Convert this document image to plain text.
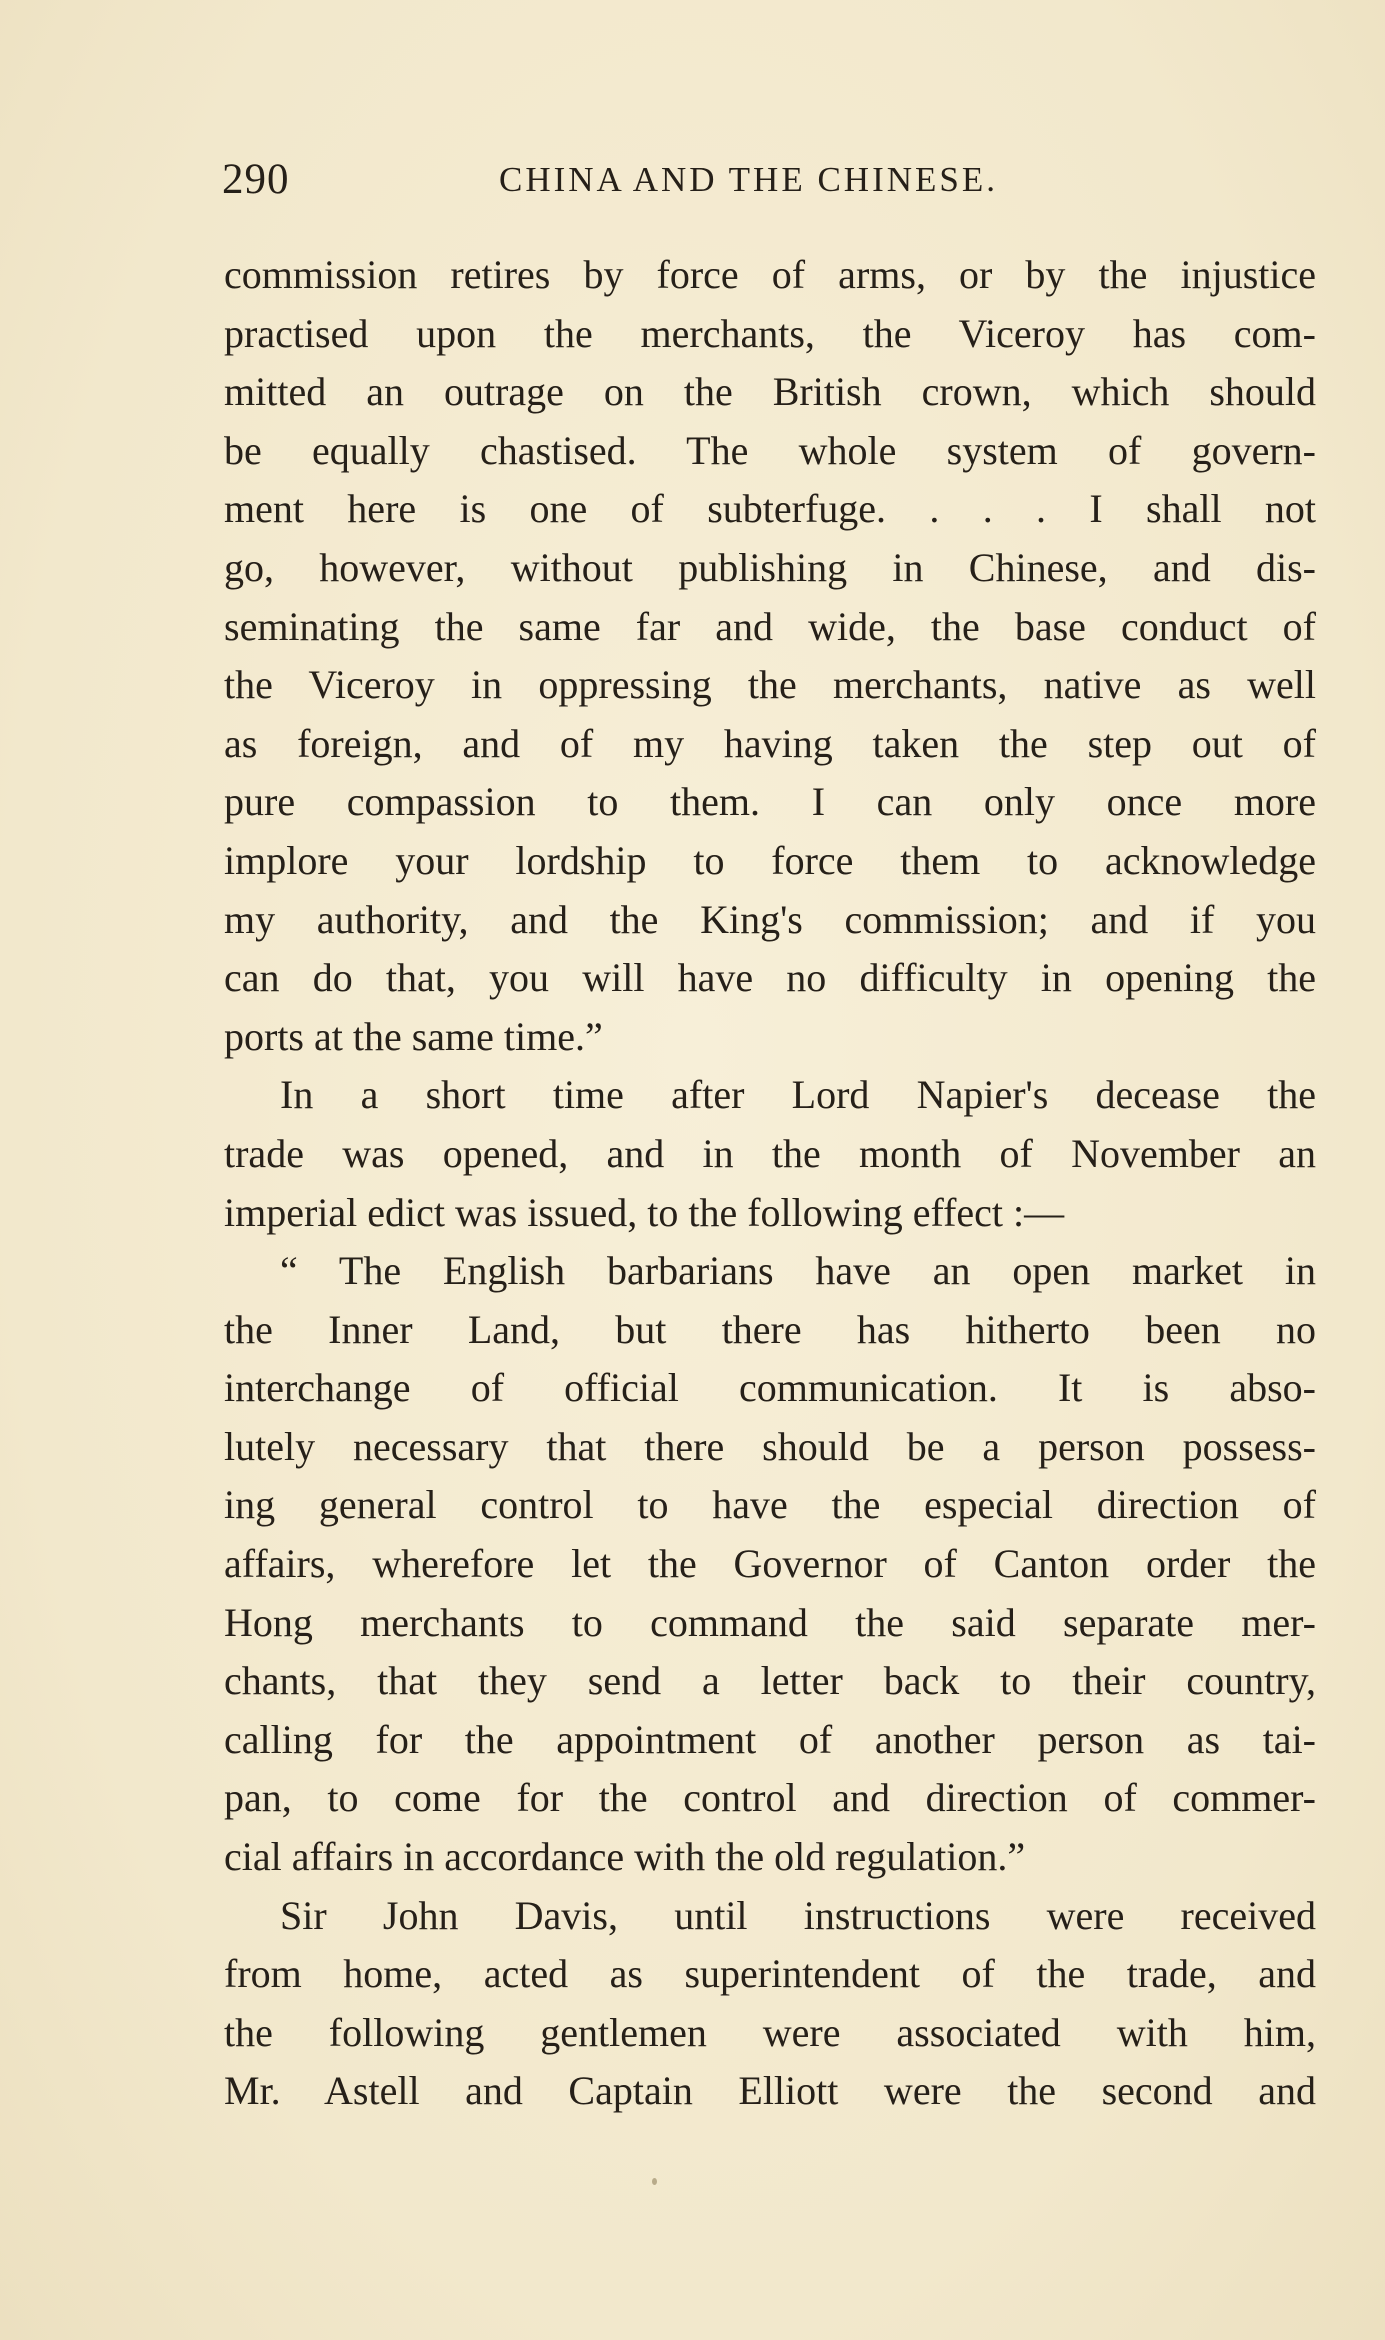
290	CHINA AND THE CHINESE.
commission retires by force of arms, or by the injustice
practised upon the merchants, the Viceroy has com-
mitted an outrage on the British crown, which should
be equally chastised. The whole system of govern-
ment here is one of subterfuge. . . . I shall not
go, however, without publishing in Chinese, and dis-
seminating the same far and wide, the base conduct of
the Viceroy in oppressing the merchants, native as well
as foreign, and of my having taken the step out of
pure compassion to them. I can only once more
implore your lordship to force them to acknowledge
my authority, and the King's commission; and if you
can do that, you will have no difficulty in opening the
ports at the same time.”
In a short time after Lord Napier's decease the
trade was opened, and in the month of November an
imperial edict was issued, to the following effect :—
“ The English barbarians have an open market in
the Inner Land, but there has hitherto been no
interchange of official communication. It is abso-
lutely necessary that there should be a person possess-
ing general control to have the especial direction of
affairs, wherefore let the Governor of Canton order the
Hong merchants to command the said separate mer-
chants, that they send a letter back to their country,
calling for the appointment of another person as tai-
pan, to come for the control and direction of commer-
cial affairs in accordance with the old regulation.”
Sir John Davis, until instructions were received
from home, acted as superintendent of the trade, and
the following gentlemen were associated with him,
Mr. Astell and Captain Elliott were the second and
